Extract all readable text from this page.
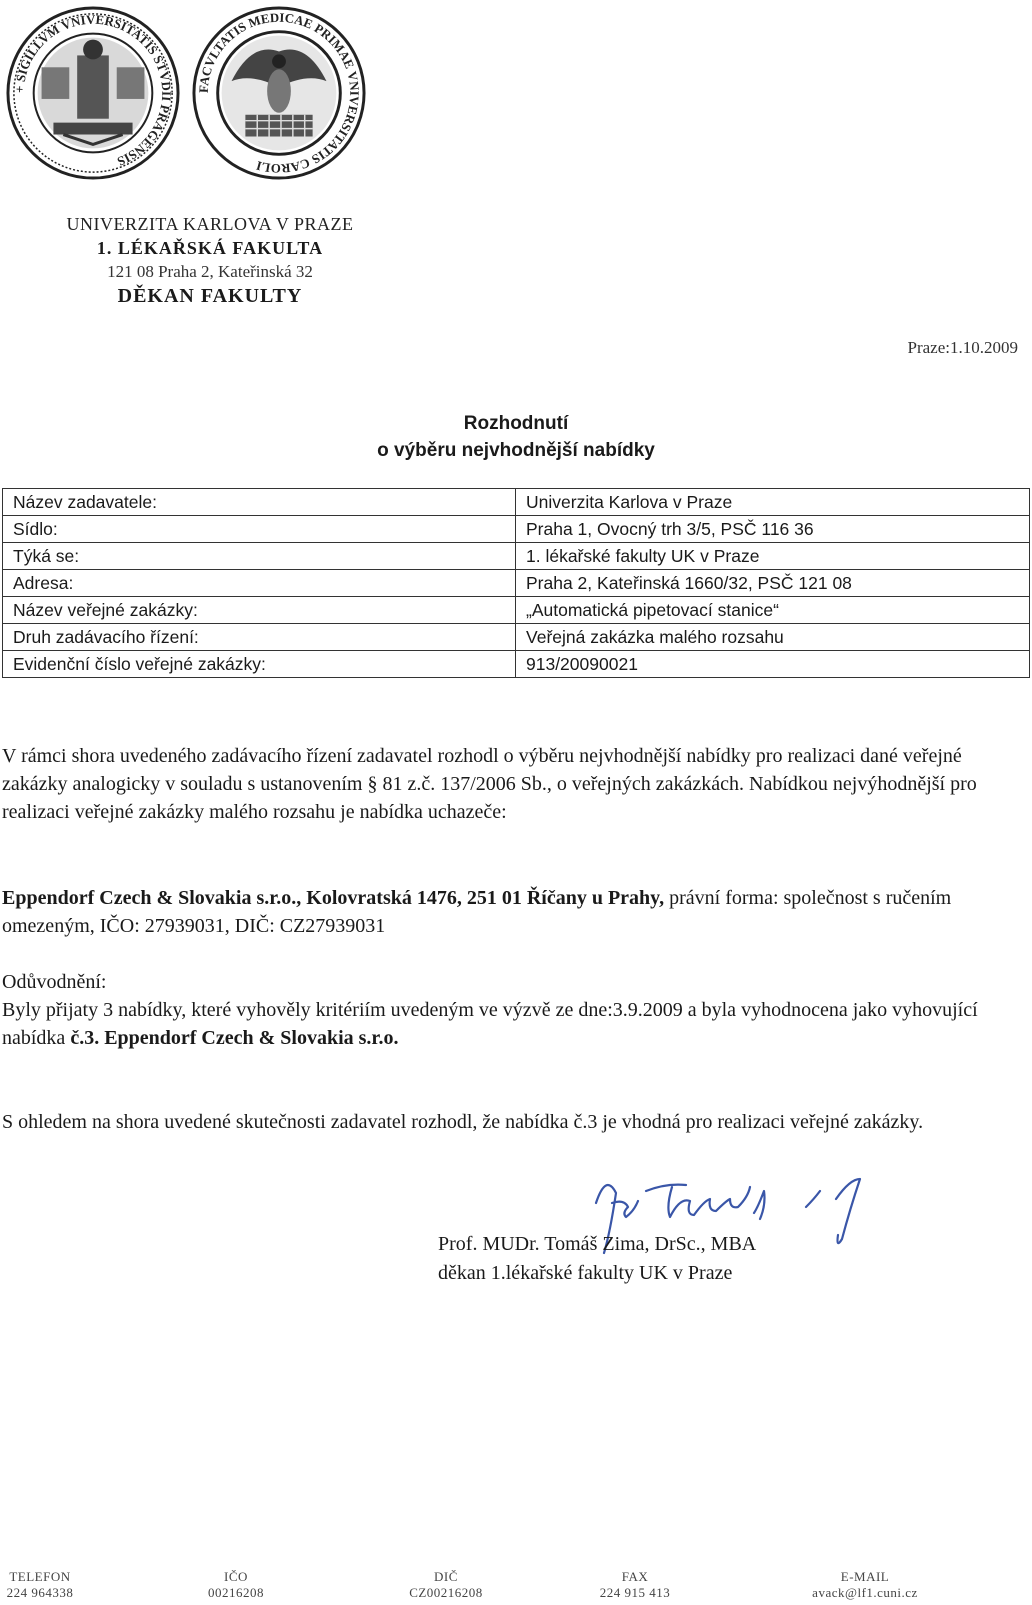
+ SIGILLVM VNIVERSITATIS STVDII PRAGENSIS
FACVLTATIS MEDICAE PRIMAE VNIVERSITATIS CAROLI
UNIVERZITA KARLOVA V PRAZE
1. LÉKAŘSKÁ FAKULTA
121 08 Praha 2, Kateřinská 32
DĚKAN FAKULTY
Praze:1.10.2009
Rozhodnutí
o výběru nejvhodnější nabídky
Název zadavatele:	Univerzita Karlova v Praze
Sídlo:	Praha 1, Ovocný trh 3/5, PSČ 116 36
Týká se:	1. lékařské fakulty UK v Praze
Adresa:	Praha 2, Kateřinská 1660/32, PSČ 121 08
Název veřejné zakázky:	„Automatická pipetovací stanice“
Druh zadávacího řízení:	Veřejná zakázka malého rozsahu
Evidenční číslo veřejné zakázky:	913/20090021
V rámci shora uvedeného zadávacího řízení zadavatel rozhodl o výběru nejvhodnější nabídky pro realizaci dané veřejné zakázky analogicky v souladu s ustanovením § 81 z.č. 137/2006 Sb., o veřejných zakázkách. Nabídkou nejvýhodnější pro realizaci veřejné zakázky malého rozsahu je nabídka uchazeče:
Eppendorf Czech & Slovakia s.r.o., Kolovratská 1476, 251 01 Říčany u Prahy, právní forma: společnost s ručením omezeným, IČO: 27939031, DIČ: CZ27939031
Odůvodnění:
Byly přijaty 3 nabídky, které vyhověly kritériím uvedeným ve výzvě ze dne:3.9.2009 a byla vyhodnocena jako vyhovující nabídka č.3. Eppendorf Czech & Slovakia s.r.o.
S ohledem na shora uvedené skutečnosti zadavatel rozhodl, že nabídka č.3 je vhodná pro realizaci veřejné zakázky.
Prof. MUDr. Tomáš Zima, DrSc., MBA
děkan 1.lékařské fakulty UK v Praze
TELEFON
224 964338
IČO
00216208
DIČ
CZ00216208
FAX
224 915 413
E-MAIL
avack@lf1.cuni.cz
